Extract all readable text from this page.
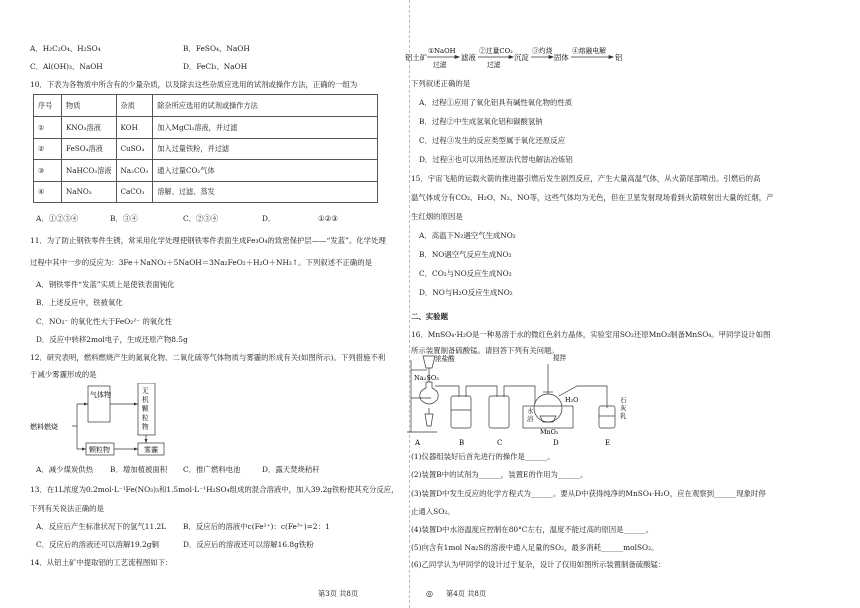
A．H₂C₂O₄、H₂SO₄	B．FeSO₄、NaOH
C．Al(OH)₃、NaOH	D．FeCl₃、NaOH
10．下表为各物质中所含有的少量杂质，以及除去这些杂质应选用的试剂或操作方法，正确的一组为
序号	物质	杂质	除杂所应选用的试剂或操作方法
①	KNO₃溶液	KOH	加入MgCl₂溶液，并过滤
②	FeSO₄溶液	CuSO₄	加入过量铁粉，并过滤
③	NaHCO₃溶液	Na₂CO₃	通入过量CO₂气体
④	NaNO₃	CaCO₃	溶解、过滤、蒸发
A．①②③④	B．③④	C．②③④	D．	①②③
11．为了防止钢铁零件生锈，常采用化学处理使钢铁零件表面生成Fe₃O₄的致密保护层——“发蓝”。化学处理
过程中其中一步的反应为：3Fe＋NaNO₂＋5NaOH＝3Na₂FeO₂＋H₂O＋NH₃↑。下列叙述不正确的是
A．钢铁零件“发蓝”实质上是使铁表面钝化
B．上述反应中，铁被氧化
C．NO₂⁻ 的氧化性大于FeO₂²⁻ 的氧化性
D．反应中转移2mol电子，生成还原产物8.5g
12．研究表明，燃料燃烧产生的氮氧化物、二氧化硫等气体物质与雾霾的形成有关(如图所示)。下列措施不利
于减少雾霾形成的是
气体物	无
机
颗
粒
物
燃料燃烧
颗粒物	雾霾
A．减少煤炭供热 B．增加植被面积 C．推广燃料电池	D．露天焚烧秸秆
13．在1L浓度为0.2mol·L⁻¹Fe(NO₃)₃和1.5mol·L⁻¹H₂SO₄组成的混合溶液中，加入39.2g铁粉使其充分反应，
下列有关说法正确的是
A．反应后产生标准状况下的氢气11.2L B．反应后的溶液中c(Fe²⁺)：c(Fe³⁺)=2：1
C．反应后的溶液还可以溶解19.2g铜	D．反应后的溶液还可以溶解16.8g铁粉
14．从铝土矿中提取铝的工艺流程图如下：
第3页 共8页	◎
铝土矿
①NaOH
过滤
滤液
②过量CO₂
过滤
沉淀
③灼烧
固体
④熔融电解
铝
下列叙述正确的是
A．过程①应用了氧化铝具有碱性氧化物的性质
B．过程②中生成氢氧化铝和碳酸氢钠
C．过程③发生的反应类型属于氧化还原反应
D．过程④也可以用热还原法代替电解法冶炼铝
15．宇宙飞船的运载火箭的推进器引燃后发生剧烈反应，产生大量高温气体，从火箭尾部喷出。引燃后的高
温气体成分有CO₂、H₂O、N₂、NO等，这些气体均为无色，但在卫星发射现场看到火箭喷射出大量的红烟，产
生红烟的原因是
A．高温下N₂遇空气生成NO₂
B．NO遇空气反应生成NO₂
C．CO₂与NO反应生成NO₂
D．NO与H₂O反应生成NO₂
二、实验题
16．MnSO₄·H₂O是一种易溶于水的微红色斜方晶体，实验室用SO₂还原MnO₂制备MnSO₄。甲同学设计如图
所示装置制备硫酸锰。请回答下列有关问题。
浓盐酸
Na₂SO₃
搅拌
水
浴
H₂O
MnO₂
石
灰
乳
A	B	C	D	E
(1)仪器组装好后首先进行的操作是______。
(2)装置B中的试剂为______，装置E的作用为______。
(3)装置D中发生反应的化学方程式为______。要从D中获得纯净的MnSO₄·H₂O，应在观察到______现象时停
止通入SO₂。
(4)装置D中水浴温度应控制在80°C左右，温度不能过高的原因是______。
(5)向含有1mol Na₂S的溶液中通入足量的SO₂，最多消耗______molSO₂。
(6)乙同学认为甲同学的设计过于复杂，设计了仅用如图所示装置制备硫酸锰：
第4页 共8页
